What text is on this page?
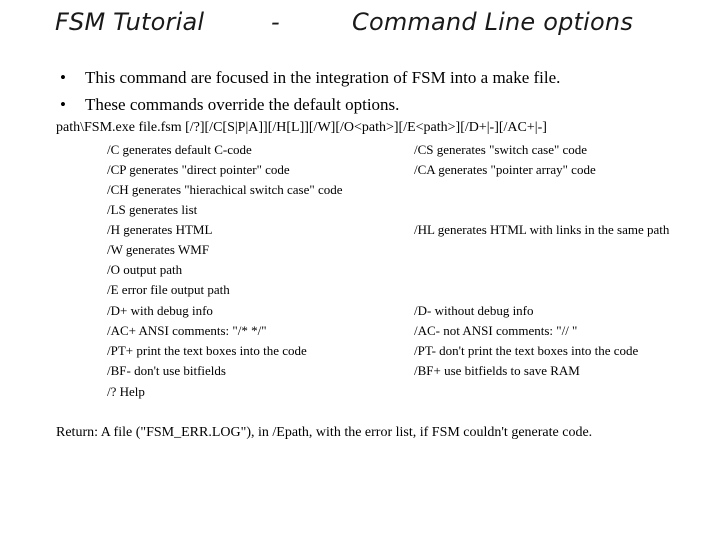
FSM Tutorial	-	Command Line options
• This command are focused in the integration of FSM into a make file.
• These commands override the default options.
path\FSM.exe file.fsm [/?][/C[S|P|A]][/H[L]][/W][/O<path>][/E<path>][/D+|-][/AC+|-]
/C generates default C-code
/CP generates "direct pointer" code
/CH generates "hierachical switch case" code
/LS generates list
/H generates HTML
/W generates WMF
/O output path
/E error file output path
/D+ with debug info
/AC+ ANSI comments: "/* */"
/PT+ print the text boxes into the code
/BF- don't use bitfields
/? Help
/CS generates "switch case" code
/CA generates "pointer array" code
/HL generates HTML with links in the same path
/D- without debug info
/AC- not ANSI comments: "// "
/PT- don't print the text boxes into the code
/BF+ use bitfields to save RAM
Return: A file ("FSM_ERR.LOG"), in /Epath, with the error list, if FSM couldn't generate code.
